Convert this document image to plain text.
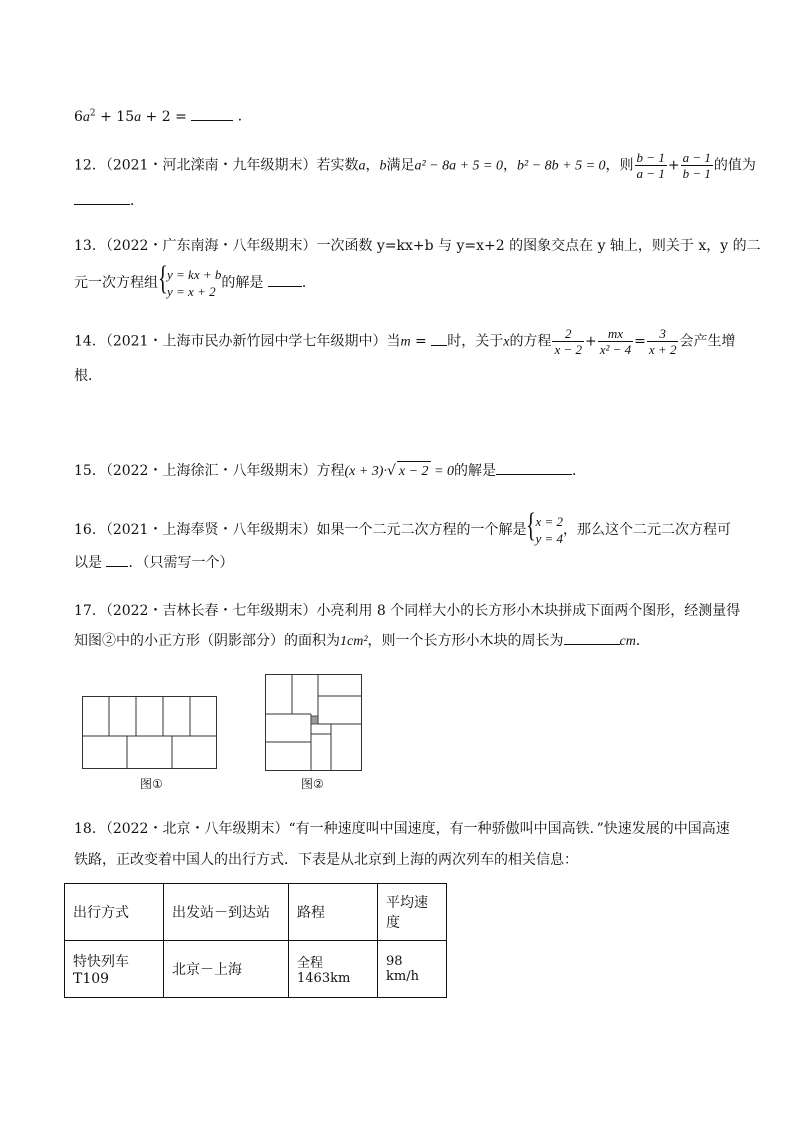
$6a^2 + 15a + 2$ =	．
12．（2021・河北滦南・九年级期末）若实数a，b满足a² − 8a + 5 = 0，b² − 8b + 5 = 0，则 $\frac{b - 1}{a - 1} + \frac{a - 1}{b - 1}$ 的值为
．
13．（2022・广东南海・八年级期末）一次函数 y=kx+b 与 y=x+2 的图象交点在 y 轴上，则关于 x，y 的二
元一次方程组 { y = kx + b
y = x + 2
的解是	．
14．（2021・上海市民办新竹园中学七年级期中）当m = 时，关于x的方程 $\frac{2}{x - 2} + \frac{mx}{\text{x² − 4}} = \frac{3}{x + 2}$ 会产生增
根．
15．（2022・上海徐汇・八年级期末）方程(x + 3)·√ x − 2 = 0的解是	．
16．（2021・上海奉贤・八年级期末）如果一个二元二次方程的一个解是 { x = 2
y = 4
，那么这个二元二次方程可
以是 ．（只需写一个）
17．（2022・吉林长春・七年级期末）小亮利用 8 个同样大小的长方形小木块拼成下面两个图形，经测量得
知图②中的小正方形（阴影部分）的面积为1cm²，则一个长方形小木块的周长为	cm．
图①	图②
18．（2022・北京・八年级期末）“有一种速度叫中国速度，有一种骄傲叫中国高铁．”快速发展的中国高速
铁路，正改变着中国人的出行方式．下表是从北京到上海的两次列车的相关信息：
出行方式	出发站－到达站	路程	平均速度
特快列车 T109	北京－上海	全程 1463km	98 km/h
